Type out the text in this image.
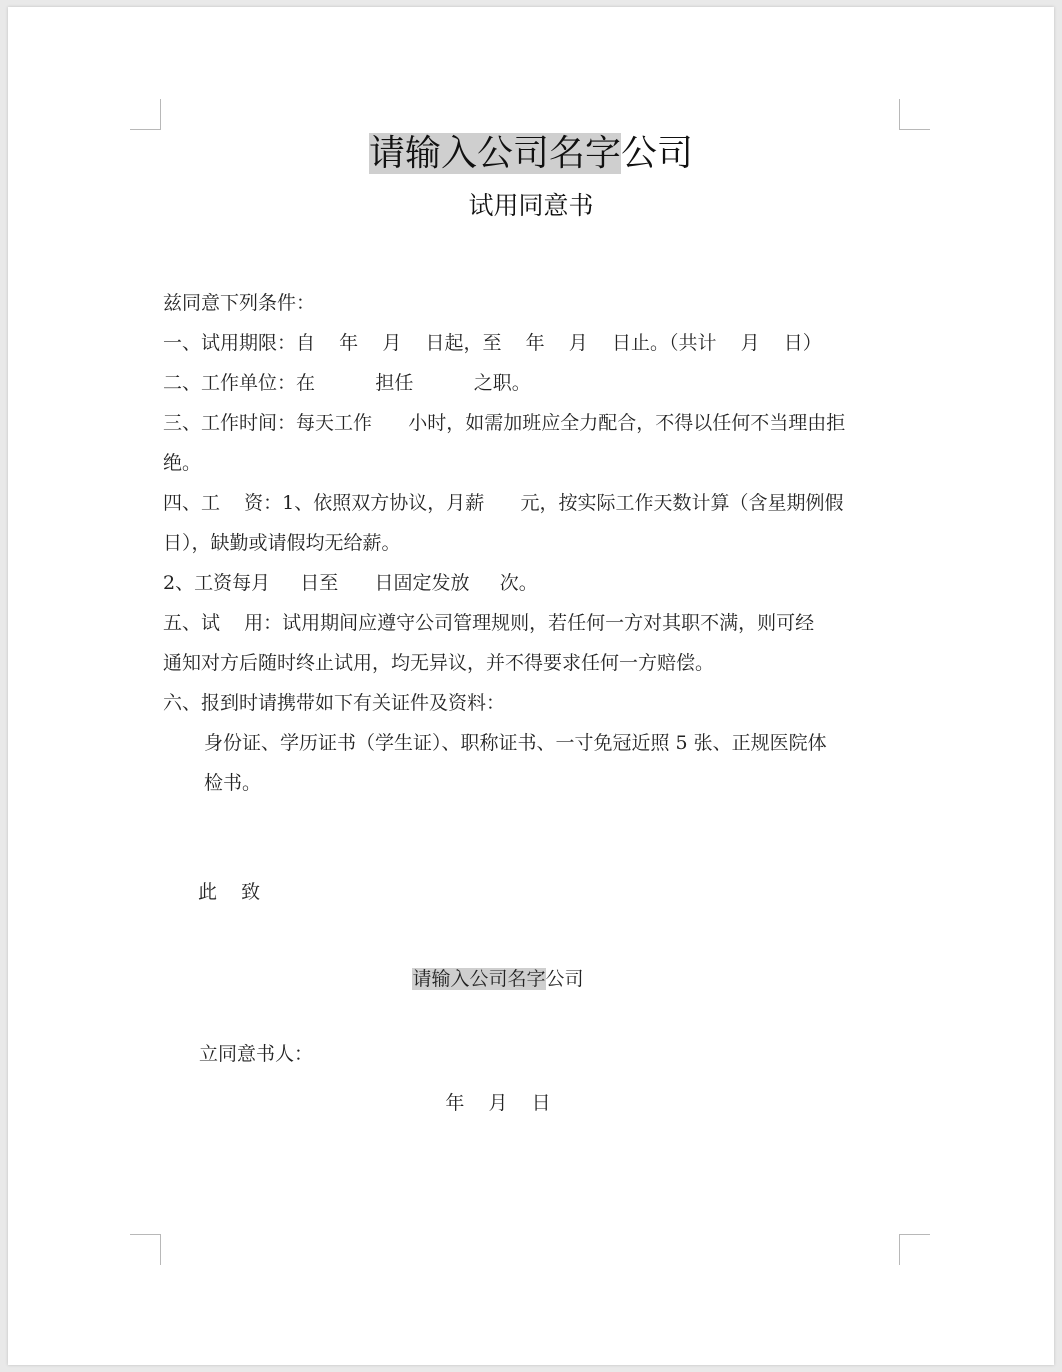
请输入公司名字公司
试用同意书
兹同意下列条件：
一、试用期限：自    年    月    日起，至    年    月    日止。（共计    月    日）
二、工作单位：在          担任          之职。
三、工作时间：每天工作      小时，如需加班应全力配合，不得以任何不当理由拒
绝。
四、工    资：1、依照双方协议，月薪      元，按实际工作天数计算（含星期例假
日），缺勤或请假均无给薪。
2、工资每月     日至      日固定发放     次。
五、试    用：试用期间应遵守公司管理规则，若任何一方对其职不满，则可经
通知对方后随时终止试用，均无异议，并不得要求任何一方赔偿。
六、报到时请携带如下有关证件及资料：
身份证、学历证书（学生证）、职称证书、一寸免冠近照 5 张、正规医院体
检书。
此    致
请输入公司名字公司
立同意书人：
年    月    日
